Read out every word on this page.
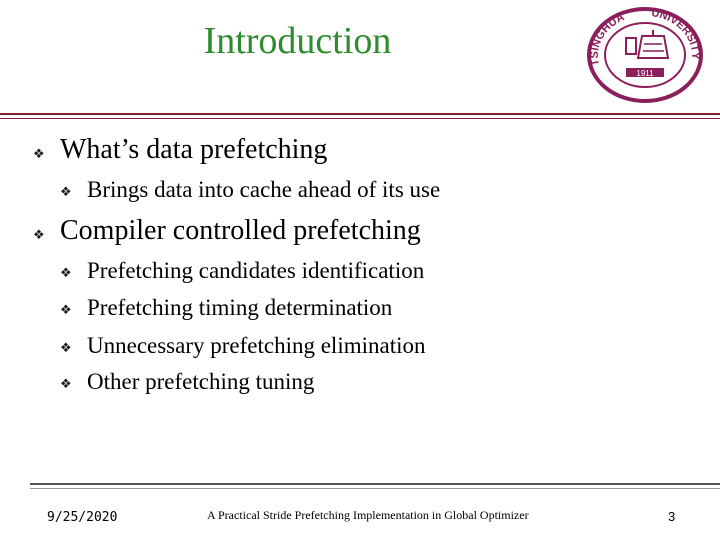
Introduction
TSINGHUA UNIVERSITY
1911
❖ What’s data prefetching
❖ Brings data into cache ahead of its use
❖ Compiler controlled prefetching
❖ Prefetching candidates identification
❖ Prefetching timing determination
❖ Unnecessary prefetching elimination
❖ Other prefetching tuning
9/25/2020	A Practical Stride Prefetching Implementation in Global Optimizer	3
